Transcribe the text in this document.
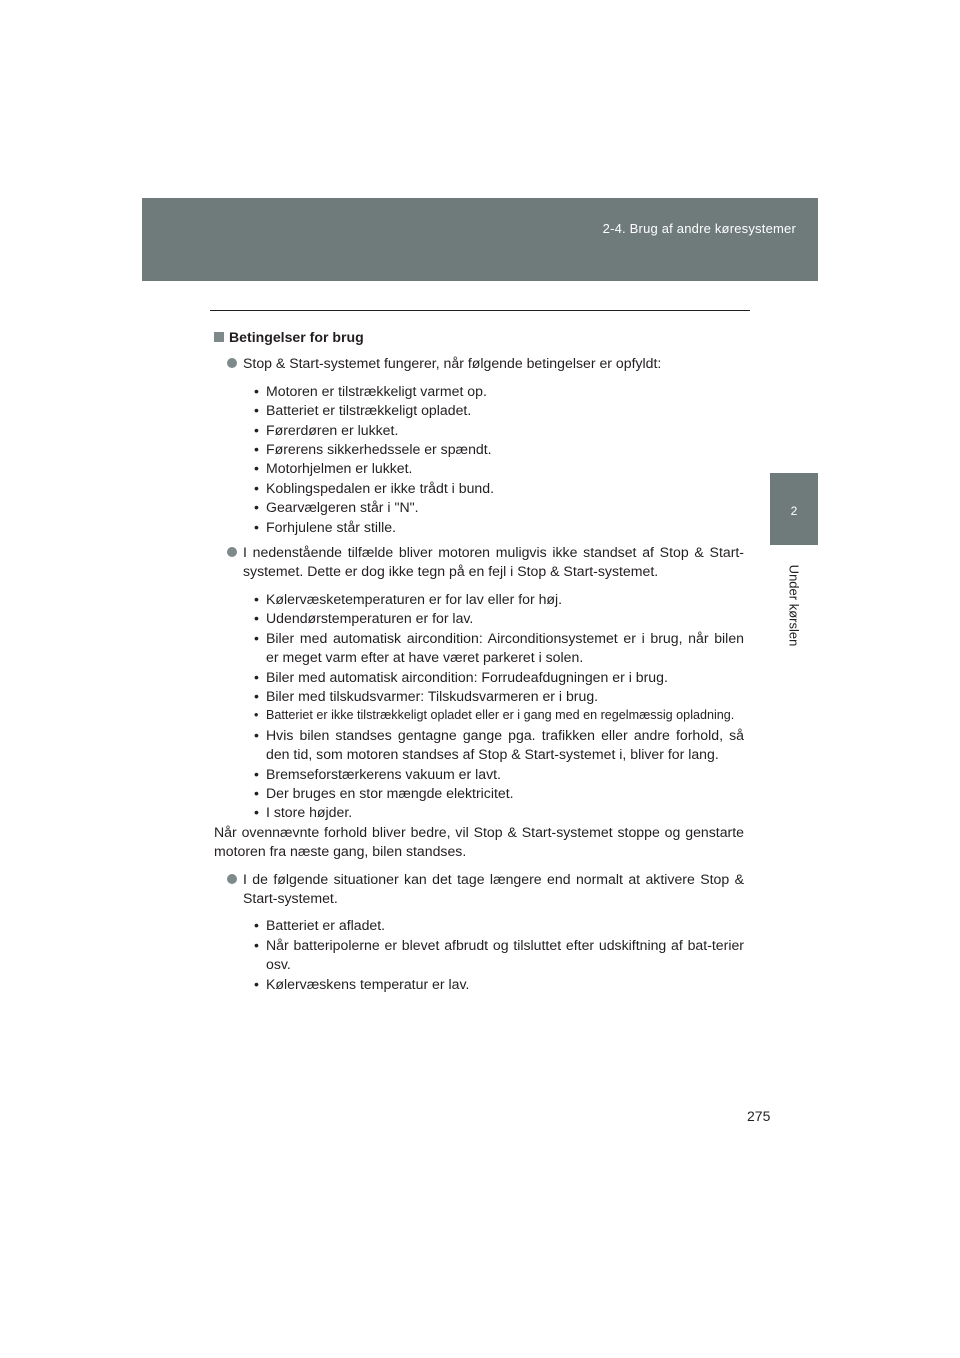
2-4. Brug af andre køresystemer
2
Under kørslen
Betingelser for brug
Stop & Start-systemet fungerer, når følgende betingelser er opfyldt:
• Motoren er tilstrækkeligt varmet op.
• Batteriet er tilstrækkeligt opladet.
• Førerdøren er lukket.
• Førerens sikkerhedssele er spændt.
• Motorhjelmen er lukket.
• Koblingspedalen er ikke trådt i bund.
• Gearvælgeren står i "N".
• Forhjulene står stille.
I nedenstående tilfælde bliver motoren muligvis ikke standset af Stop & Start-systemet. Dette er dog ikke tegn på en fejl i Stop & Start-systemet.
• Kølervæsketemperaturen er for lav eller for høj.
• Udendørstemperaturen er for lav.
• Biler med automatisk aircondition: Airconditionsystemet er i brug, når bilen er meget varm efter at have været parkeret i solen.
• Biler med automatisk aircondition: Forrudeafdugningen er i brug.
• Biler med tilskudsvarmer: Tilskudsvarmeren er i brug.
• Batteriet er ikke tilstrækkeligt opladet eller er i gang med en regelmæssig opladning.
• Hvis bilen standses gentagne gange pga. trafikken eller andre forhold, så den tid, som motoren standses af Stop & Start-systemet i, bliver for lang.
• Bremseforstærkerens vakuum er lavt.
• Der bruges en stor mængde elektricitet.
• I store højder.

Når ovennævnte forhold bliver bedre, vil Stop & Start-systemet stoppe og genstarte motoren fra næste gang, bilen standses.

I de følgende situationer kan det tage længere end normalt at aktivere Stop & Start-systemet.
• Batteriet er afladet.
• Når batteripolerne er blevet afbrudt og tilsluttet efter udskiftning af bat-terier osv.
• Kølervæskens temperatur er lav.
275
